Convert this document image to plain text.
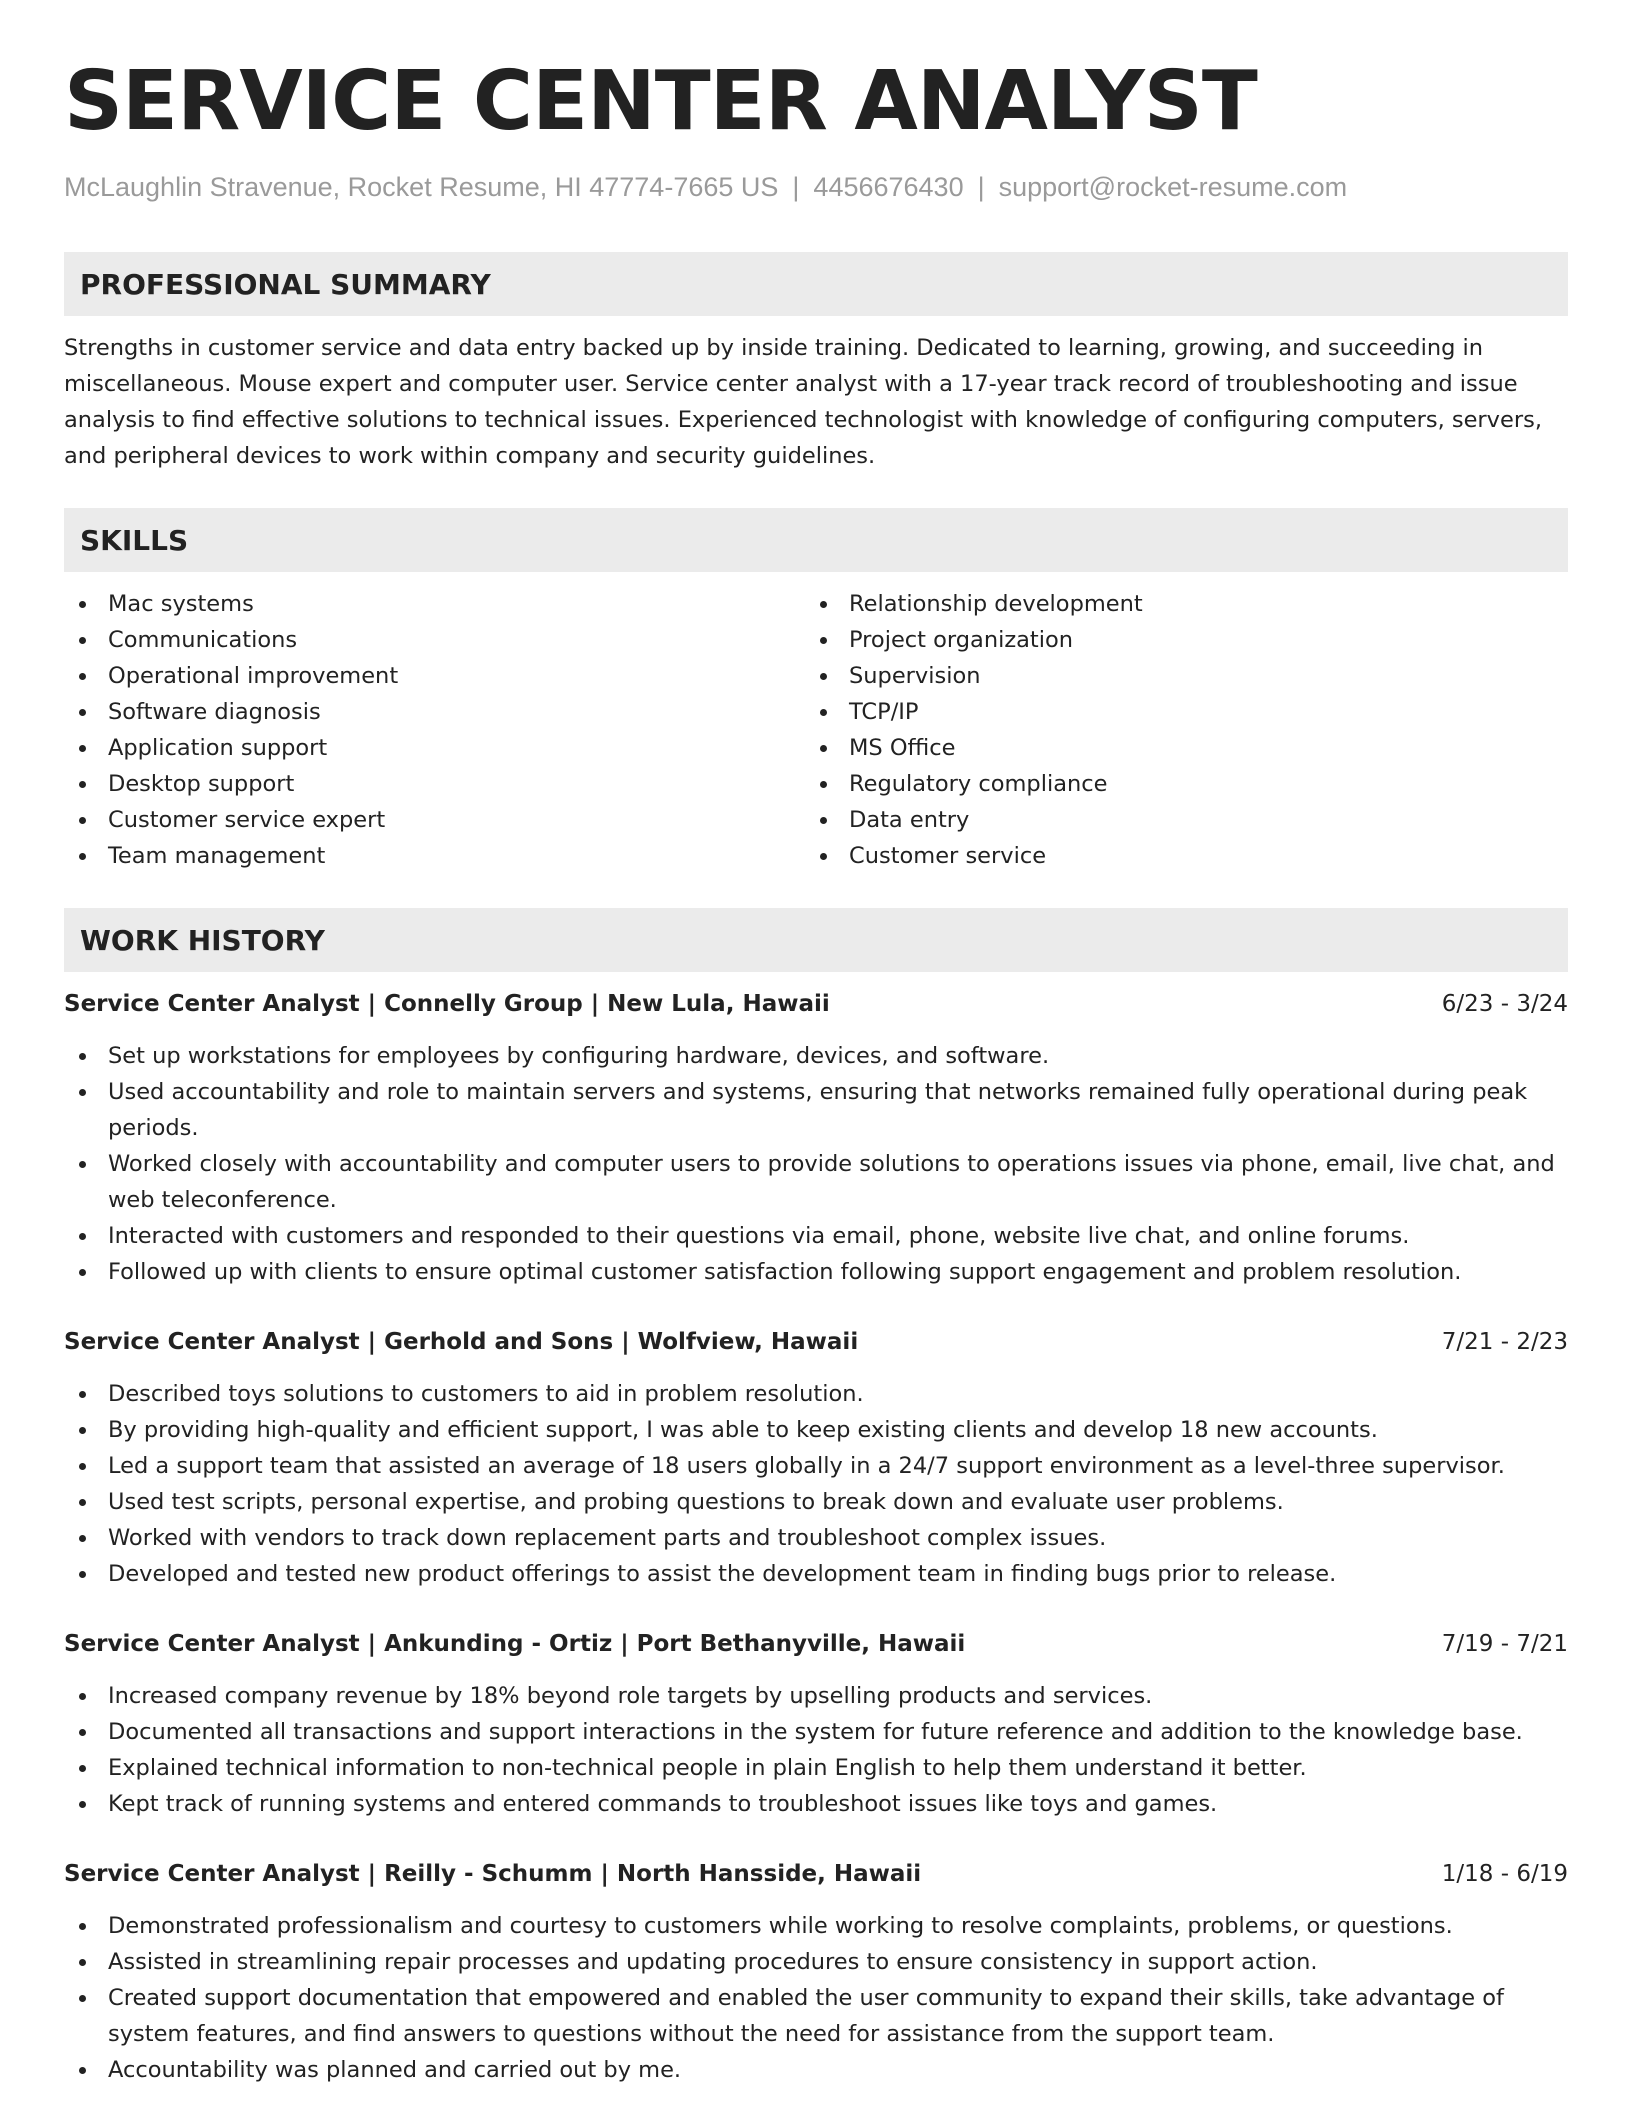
SERVICE CENTER ANALYST
McLaughlin Stravenue, Rocket Resume, HI 47774-7665 US | 4456676430 | support@rocket-resume.com
PROFESSIONAL SUMMARY

Strengths in customer service and data entry backed up by inside training. Dedicated to learning, growing, and succeeding in miscellaneous. Mouse expert and computer user. Service center analyst with a 17-year track record of troubleshooting and issue analysis to find effective solutions to technical issues. Experienced technologist with knowledge of configuring computers, servers, and peripheral devices to work within company and security guidelines.

SKILLS
Mac systems
Communications
Operational improvement
Software diagnosis
Application support
Desktop support
Customer service expert
Team management
Relationship development
Project organization
Supervision
TCP/IP
MS Office
Regulatory compliance
Data entry
Customer service
WORK HISTORY
Service Center Analyst | Connelly Group | New Lula, Hawaii	6/23 - 3/24
Set up workstations for employees by configuring hardware, devices, and software.
Used accountability and role to maintain servers and systems, ensuring that networks remained fully operational during peak periods.
Worked closely with accountability and computer users to provide solutions to operations issues via phone, email, live chat, and web teleconference.
Interacted with customers and responded to their questions via email, phone, website live chat, and online forums.
Followed up with clients to ensure optimal customer satisfaction following support engagement and problem resolution.
Service Center Analyst | Gerhold and Sons | Wolfview, Hawaii	7/21 - 2/23
Described toys solutions to customers to aid in problem resolution.
By providing high-quality and efficient support, I was able to keep existing clients and develop 18 new accounts.
Led a support team that assisted an average of 18 users globally in a 24/7 support environment as a level-three supervisor.
Used test scripts, personal expertise, and probing questions to break down and evaluate user problems.
Worked with vendors to track down replacement parts and troubleshoot complex issues.
Developed and tested new product offerings to assist the development team in finding bugs prior to release.
Service Center Analyst | Ankunding - Ortiz | Port Bethanyville, Hawaii	7/19 - 7/21
Increased company revenue by 18% beyond role targets by upselling products and services.
Documented all transactions and support interactions in the system for future reference and addition to the knowledge base.
Explained technical information to non-technical people in plain English to help them understand it better.
Kept track of running systems and entered commands to troubleshoot issues like toys and games.
Service Center Analyst | Reilly - Schumm | North Hansside, Hawaii	1/18 - 6/19
Demonstrated professionalism and courtesy to customers while working to resolve complaints, problems, or questions.
Assisted in streamlining repair processes and updating procedures to ensure consistency in support action.
Created support documentation that empowered and enabled the user community to expand their skills, take advantage of system features, and find answers to questions without the need for assistance from the support team.
Accountability was planned and carried out by me.
